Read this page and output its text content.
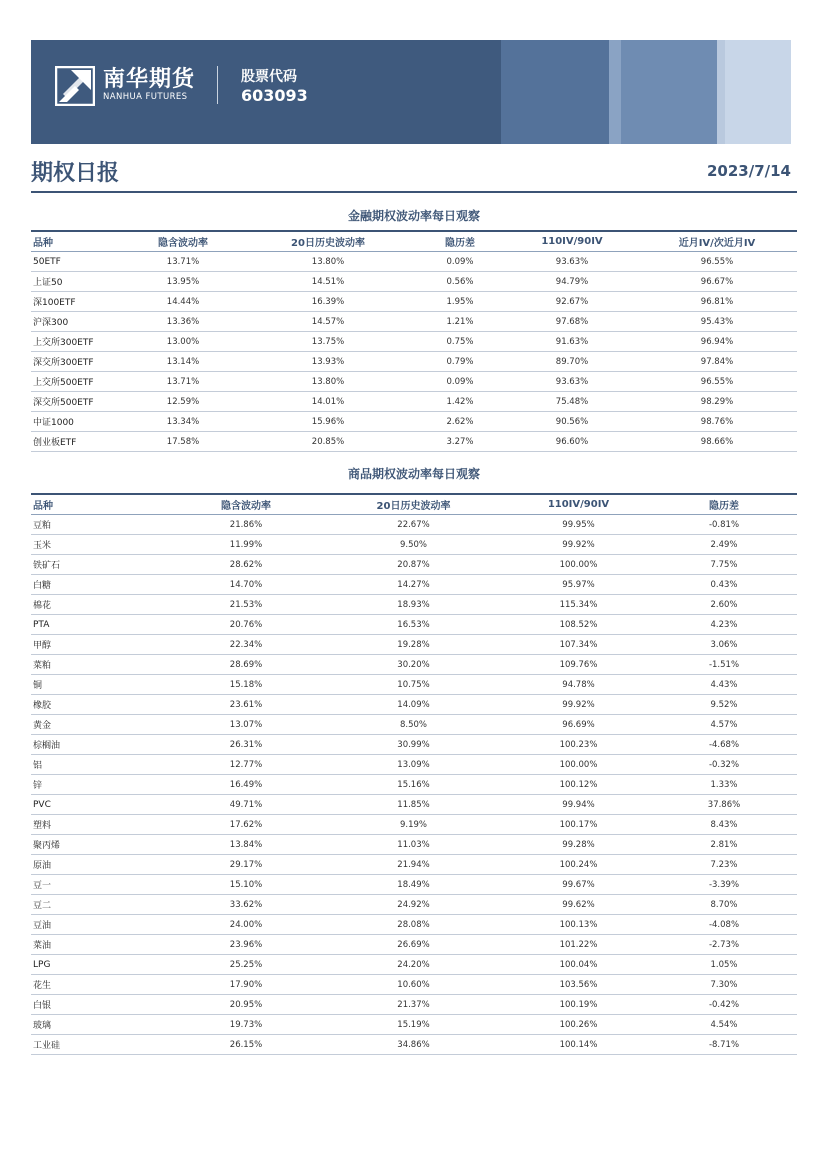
南华期货
NANHUA FUTURES
股票代码
603093
期权日报	2023/7/14
金融期权波动率每日观察
品种	隐含波动率	20日历史波动率	隐历差	110IV/90IV	近月IV/次近月IV
50ETF	13.71%	13.80%	0.09%	93.63%	96.55%
上证50	13.95%	14.51%	0.56%	94.79%	96.67%
深100ETF	14.44%	16.39%	1.95%	92.67%	96.81%
沪深300	13.36%	14.57%	1.21%	97.68%	95.43%
上交所300ETF	13.00%	13.75%	0.75%	91.63%	96.94%
深交所300ETF	13.14%	13.93%	0.79%	89.70%	97.84%
上交所500ETF	13.71%	13.80%	0.09%	93.63%	96.55%
深交所500ETF	12.59%	14.01%	1.42%	75.48%	98.29%
中证1000	13.34%	15.96%	2.62%	90.56%	98.76%
创业板ETF	17.58%	20.85%	3.27%	96.60%	98.66%
商品期权波动率每日观察
品种	隐含波动率	20日历史波动率	110IV/90IV	隐历差
豆粕	21.86%	22.67%	99.95%	-0.81%
玉米	11.99%	9.50%	99.92%	2.49%
铁矿石	28.62%	20.87%	100.00%	7.75%
白糖	14.70%	14.27%	95.97%	0.43%
棉花	21.53%	18.93%	115.34%	2.60%
PTA	20.76%	16.53%	108.52%	4.23%
甲醇	22.34%	19.28%	107.34%	3.06%
菜粕	28.69%	30.20%	109.76%	-1.51%
铜	15.18%	10.75%	94.78%	4.43%
橡胶	23.61%	14.09%	99.92%	9.52%
黄金	13.07%	8.50%	96.69%	4.57%
棕榈油	26.31%	30.99%	100.23%	-4.68%
铝	12.77%	13.09%	100.00%	-0.32%
锌	16.49%	15.16%	100.12%	1.33%
PVC	49.71%	11.85%	99.94%	37.86%
塑料	17.62%	9.19%	100.17%	8.43%
聚丙烯	13.84%	11.03%	99.28%	2.81%
原油	29.17%	21.94%	100.24%	7.23%
豆一	15.10%	18.49%	99.67%	-3.39%
豆二	33.62%	24.92%	99.62%	8.70%
豆油	24.00%	28.08%	100.13%	-4.08%
菜油	23.96%	26.69%	101.22%	-2.73%
LPG	25.25%	24.20%	100.04%	1.05%
花生	17.90%	10.60%	103.56%	7.30%
白银	20.95%	21.37%	100.19%	-0.42%
玻璃	19.73%	15.19%	100.26%	4.54%
工业硅	26.15%	34.86%	100.14%	-8.71%
